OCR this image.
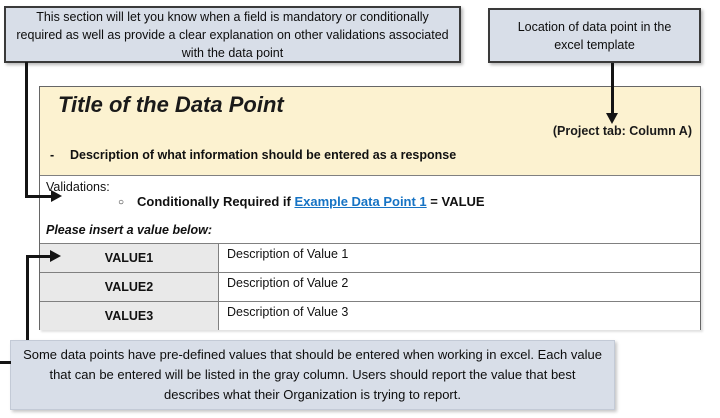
This section will let you know when a field is mandatory or conditionally required as well as provide a clear explanation on other validations associated with the data point
Location of data point in the excel template
Title of the Data Point
(Project tab: Column A)
- Description of what information should be entered as a response
Validations:
○ Conditionally Required if Example Data Point 1 = VALUE
Please insert a value below:
VALUE1	Description of Value 1
VALUE2	Description of Value 2
VALUE3	Description of Value 3
Some data points have pre-defined values that should be entered when working in excel. Each value that can be entered will be listed in the gray column. Users should report the value that best describes what their Organization is trying to report.
